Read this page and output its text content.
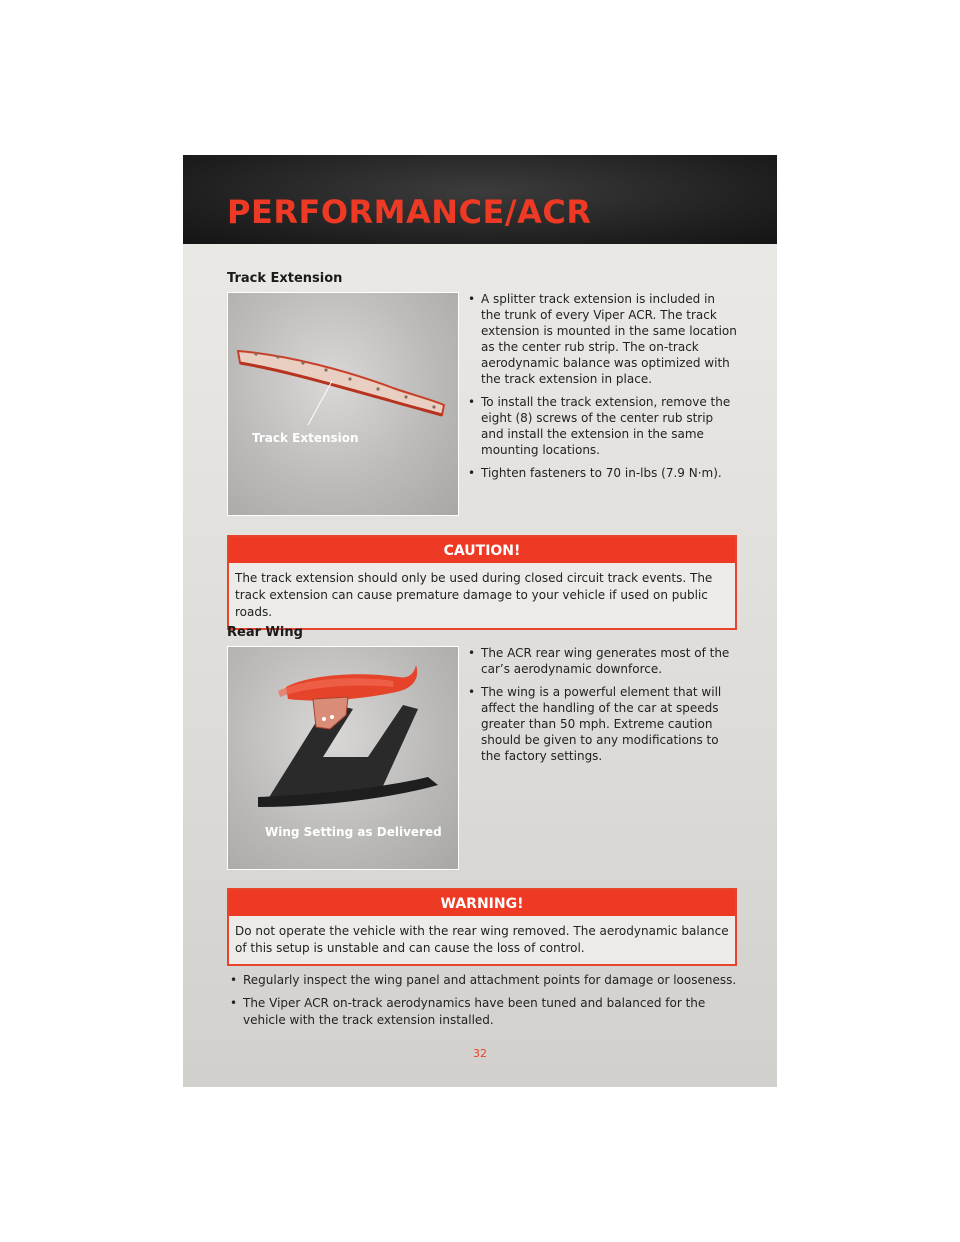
PERFORMANCE/ACR
Track Extension
Track Extension
• A splitter track extension is included in the trunk of every Viper ACR. The track extension is mounted in the same location as the center rub strip. The on-track aerodynamic balance was optimized with the track extension in place.
• To install the track extension, remove the eight (8) screws of the center rub strip and install the extension in the same mounting locations.
• Tighten fasteners to 70 in-lbs (7.9 N·m).
CAUTION!
The track extension should only be used during closed circuit track events. The track extension can cause premature damage to your vehicle if used on public roads.
Rear Wing
Wing Setting as Delivered
• The ACR rear wing generates most of the car’s aerodynamic downforce.
• The wing is a powerful element that will affect the handling of the car at speeds greater than 50 mph. Extreme caution should be given to any modifications to the factory settings.
WARNING!
Do not operate the vehicle with the rear wing removed. The aerodynamic balance of this setup is unstable and can cause the loss of control.
• Regularly inspect the wing panel and attachment points for damage or looseness.
• The Viper ACR on-track aerodynamics have been tuned and balanced for the vehicle with the track extension installed.
32
